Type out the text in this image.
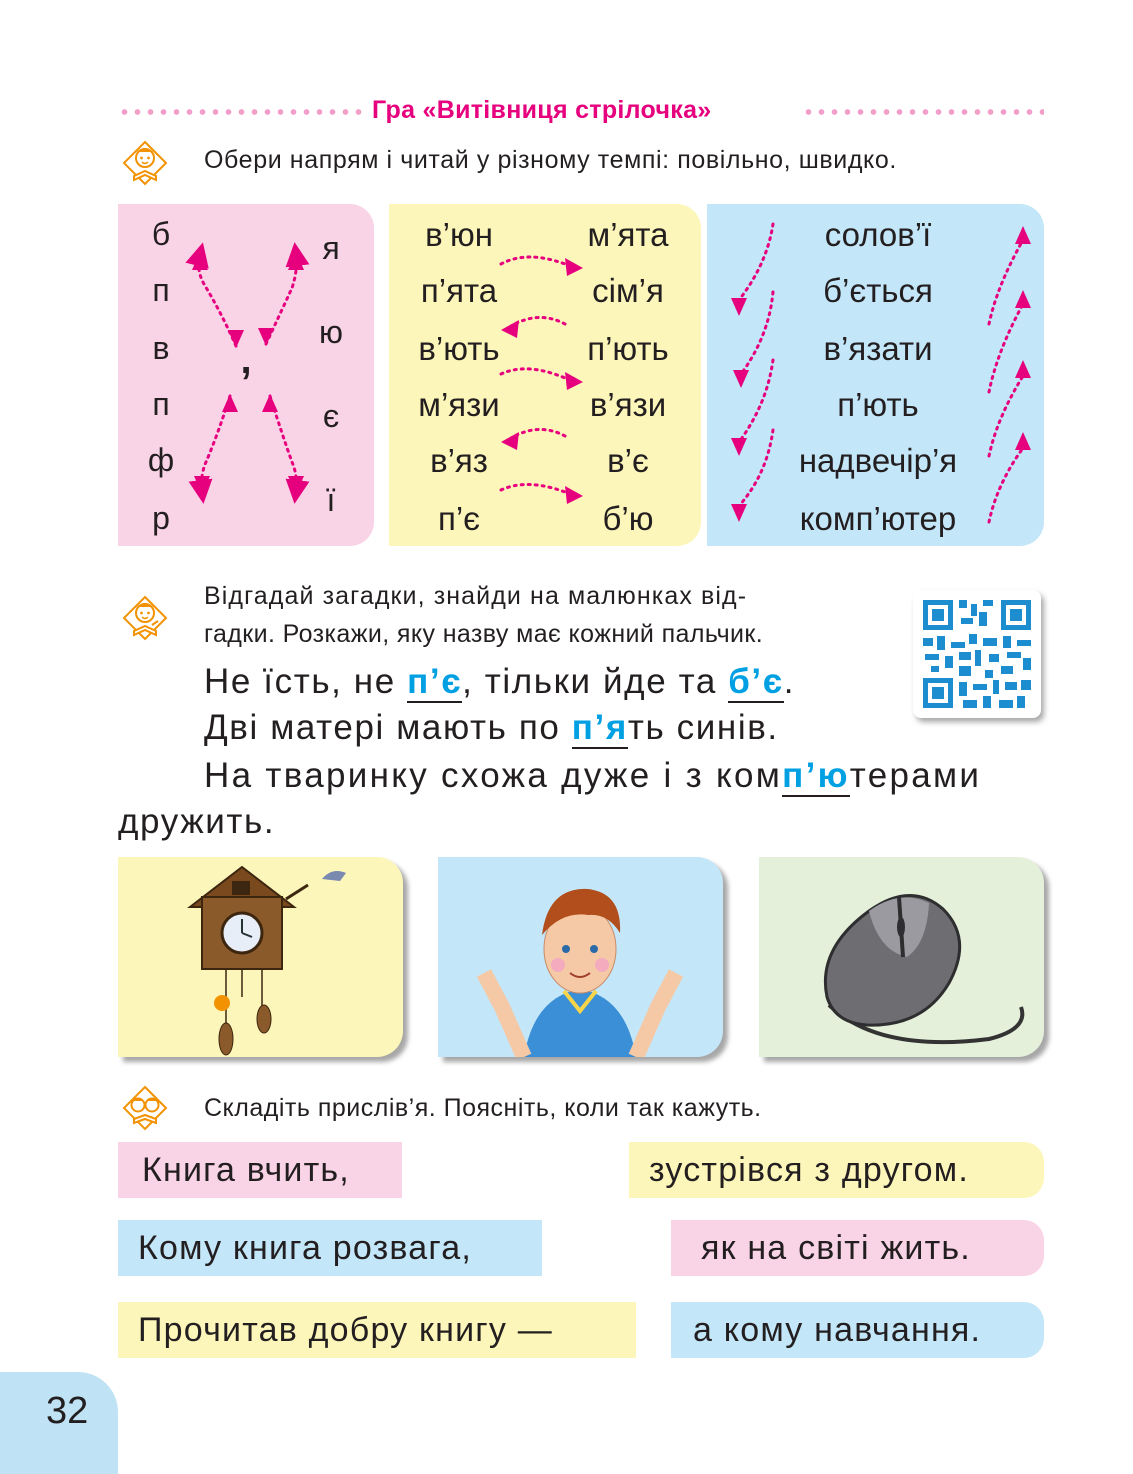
Гра «Витівниця стрілочка»
Обери напрям і читай у різному темпі: повільно, швидко.
б
п
в
п
ф
р
,
я
ю
є
ї
в’юн
п’ята
в’ють
м’язи
в’яз
п’є
м’ята
сім’я
п’ють
в’язи
в’є
б’ю
солов’ї
б’ється
в’язати
п’ють
надвечір’я
комп’ютер
Відгадай загадки, знайди на малюнках від-
гадки. Розкажи, яку назву має кожний пальчик.
Не їсть, не п’є, тільки йде та б’є.
Дві матері мають по п’ять синів.
На тваринку схожа дуже і з комп’ютерами
дружить.
Складіть прислів’я. Поясніть, коли так кажуть.
Книга вчить,
Кому книга розвага,
Прочитав добру книгу —
зустрівся з другом.
як на світі жить.
а кому навчання.
32
